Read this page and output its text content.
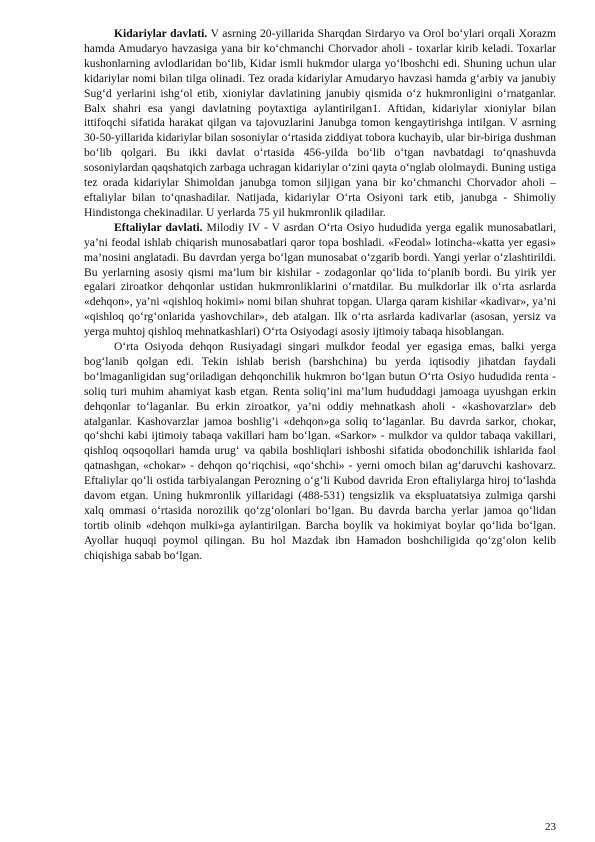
Kidariylar davlati. V asrning 20-yillarida Sharqdan Sirdaryo va Orol bo‘ylari orqali Xorazm hamda Amudaryo havzasiga yana bir ko‘chmanchi Chorvador aholi - toxarlar kirib keladi. Toxarlar kushonlarning avlodlaridan bo‘lib, Kidar ismli hukmdor ularga yo‘lboshchi edi. Shuning uchun ular kidariylar nomi bilan tilga olinadi. Tez orada kidariylar Amudaryo havzasi hamda g‘arbiy va janubiy Sug‘d yerlarini ishg‘ol etib, xioniylar davlatining janubiy qismida o‘z hukmronligini o‘rnatganlar. Balx shahri esa yangi davlatning poytaxtiga aylantirilgan1. Aftidan, kidariylar xioniylar bilan ittifoqchi sifatida harakat qilgan va tajovuzlarini Janubga tomon kengaytirishga intilgan. V asrning 30-50-yillarida kidariylar bilan sosoniylar o‘rtasida ziddiyat tobora kuchayib, ular bir-biriga dushman bo‘lib qolgari. Bu ikki davlat o‘rtasida 456-yilda bo‘lib o‘tgan navbatdagi to‘qnashuvda sosoniylardan qaqshatqich zarbaga uchragan kidariylar o‘zini qayta o‘nglab ololmaydi. Buning ustiga tez orada kidariylar Shimoldan janubga tomon siljigan yana bir ko‘chmanchi Chorvador aholi – eftaliylar bilan to‘qnashadilar. Natijada, kidariylar O‘rta Osiyoni tark etib, janubga - Shimoliy Hindistonga chekinadilar. U yerlarda 75 yil hukmronlik qiladilar.

Eftaliylar davlati. Milodiy IV - V asrdan O‘rta Osiyo hududida yerga egalik munosabatlari, ya’ni feodal ishlab chiqarish munosabatlari qaror topa boshladi. «Feodal» lotincha-«katta yer egasi» ma’nosini anglatadi. Bu davrdan yerga bo‘lgan munosabat o‘zgarib bordi. Yangi yerlar o‘zlashtirildi. Bu yerlarning asosiy qismi ma’lum bir kishilar - zodagonlar qo‘lida to‘planib bordi. Bu yirik yer egalari ziroatkor dehqonlar ustidan hukmronliklarini o‘rnatdilar. Bu mulkdorlar ilk o‘rta asrlarda «dehqon», ya’ni «qishloq hokimi» nomi bilan shuhrat topgan. Ularga qaram kishilar «kadivar», ya’ni «qishloq qo‘rg‘onlarida yashovchilar», deb atalgan. Ilk o‘rta asrlarda kadivarlar (asosan, yersiz va yerga muhtoj qishloq mehnatkashlari) O‘rta Osiyodagi asosiy ijtimoiy tabaqa hisoblangan.

O‘rta Osiyoda dehqon Rusiyadagi singari mulkdor feodal yer egasiga emas, balki yerga bog‘lanib qolgan edi. Tekin ishlab berish (barshchina) bu yerda iqtisodiy jihatdan faydali bo‘lmaganligidan sug‘oriladigan dehqonchilik hukmron bo‘lgan butun O‘rta Osiyo hududida renta - soliq turi muhim ahamiyat kasb etgan. Renta soliq’ini ma’lum hududdagi jamoaga uyushgan erkin dehqonlar to‘laganlar. Bu erkin ziroatkor, ya’ni oddiy mehnatkash aholi - «kashovarzlar» deb atalganlar. Kashovarzlar jamoa boshlig’i «dehqon»ga soliq to‘laganlar. Bu davrda sarkor, chokar, qo‘shchi kabi ijtimoiy tabaqa vakillari ham bo‘lgan. «Sarkor» - mulkdor va quldor tabaqa vakillari, qishloq oqsoqollari hamda urug‘ va qabila boshliqlari ishboshi sifatida obodonchilik ishlarida faol qatnashgan, «chokar» - dehqon qo‘riqchisi, «qo‘shchi» - yerni omoch bilan ag‘daruvchi kashovarz. Eftaliylar qo‘li ostida tarbiyalangan Perozning o‘g‘li Kubod davrida Eron eftaliylarga hiroj to‘lashda davom etgan. Uning hukmronlik yillaridagi (488-531) tengsizlik va ekspluatatsiya zulmiga qarshi xalq ommasi o‘rtasida norozilik qo‘zg‘olonlari bo‘lgan. Bu davrda barcha yerlar jamoa qo‘lidan tortib olinib «dehqon mulki»ga aylantirilgan. Barcha boylik va hokimiyat boylar qo‘lida bo‘lgan. Ayollar huquqi poymol qilingan. Bu hol Mazdak ibn Hamadon boshchiligida qo‘zg‘olon kelib chiqishiga sabab bo‘lgan.

23
